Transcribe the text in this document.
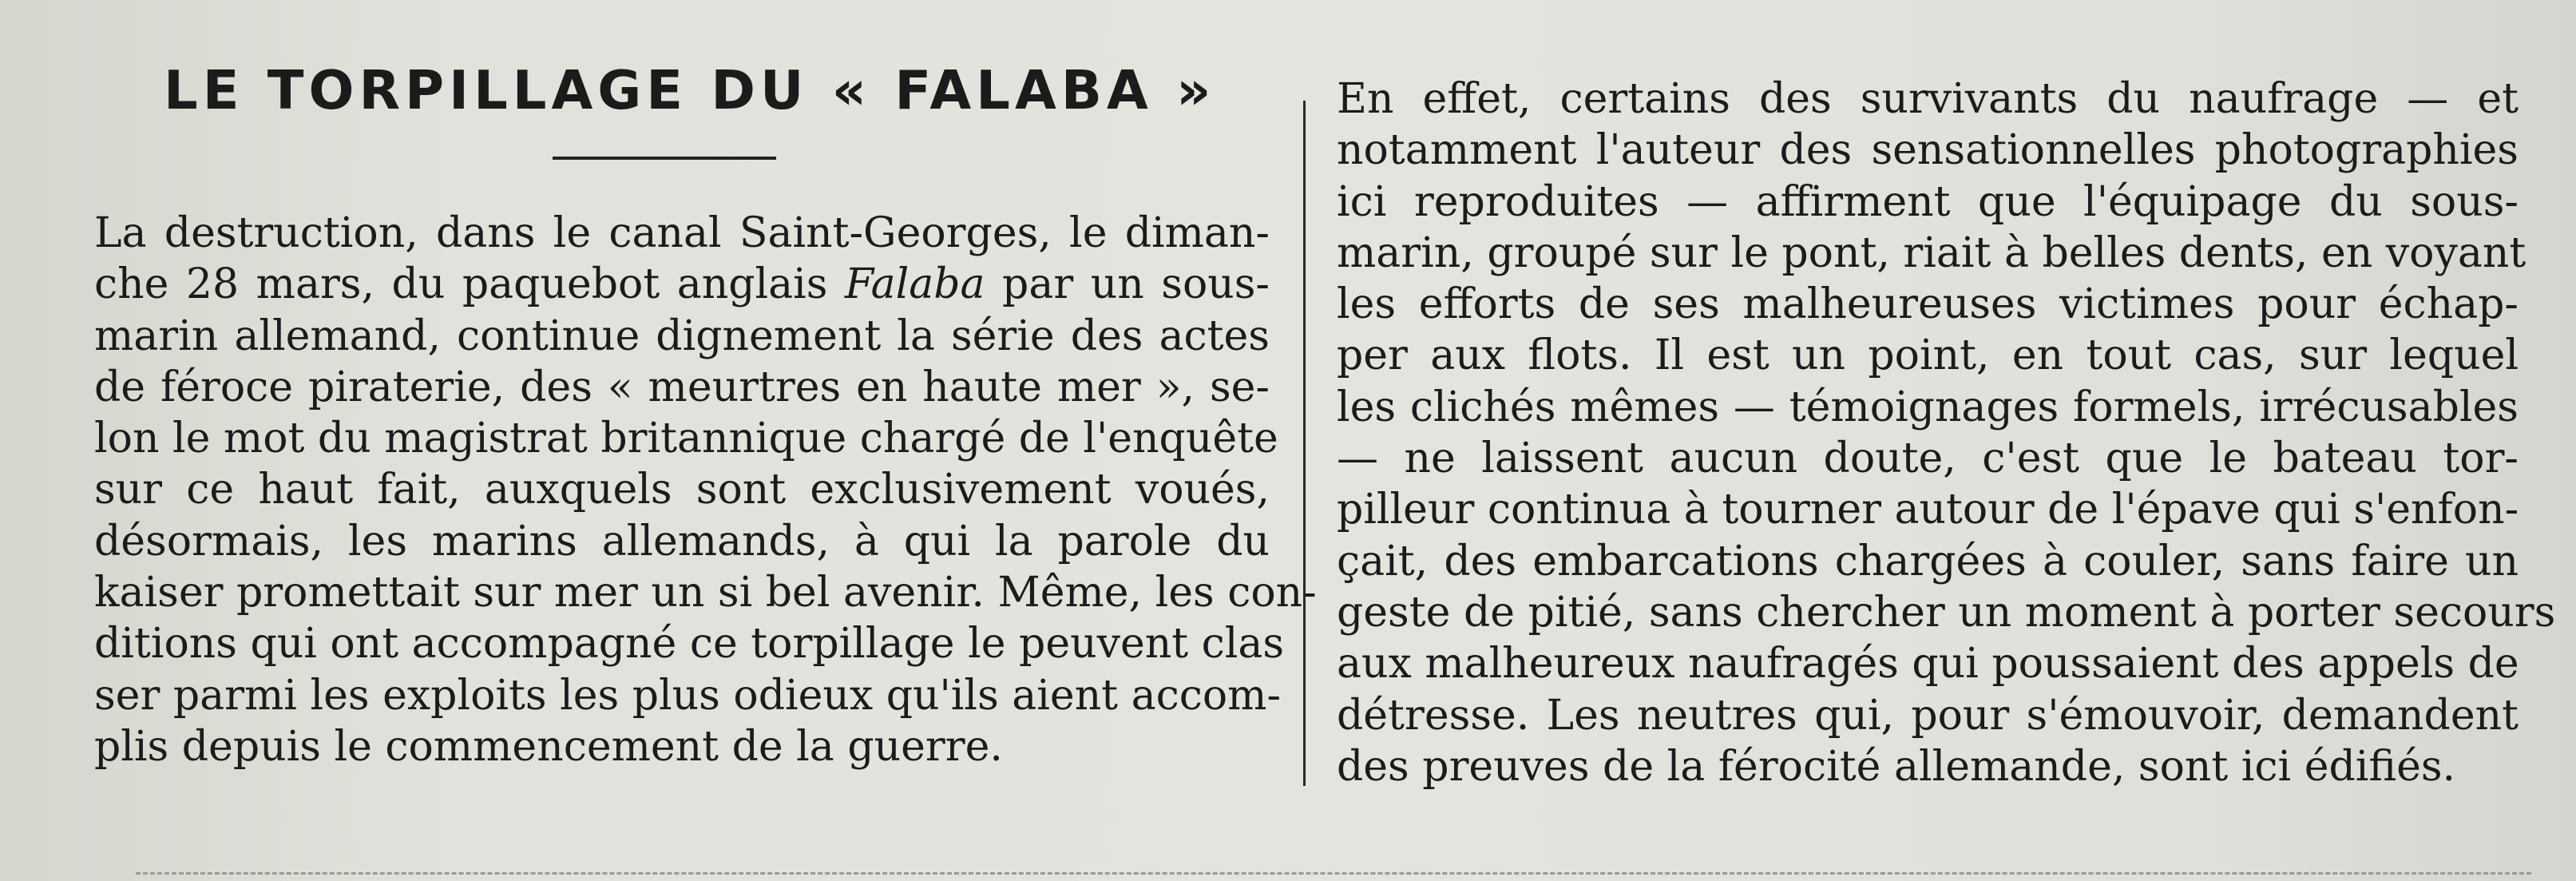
LE TORPILLAGE DU « FALABA »
La destruction, dans le canal Saint-Georges, le diman-
che 28 mars, du paquebot anglais Falaba par un sous-
marin allemand, continue dignement la série des actes
de féroce piraterie, des « meurtres en haute mer », se-
lon le mot du magistrat britannique chargé de l'enquête
sur ce haut fait, auxquels sont exclusivement voués,
désormais, les marins allemands, à qui la parole du
kaiser promettait sur mer un si bel avenir. Même, les con-
ditions qui ont accompagné ce torpillage le peuvent clas
ser parmi les exploits les plus odieux qu'ils aient accom-
plis depuis le commencement de la guerre.
En effet, certains des survivants du naufrage — et
notamment l'auteur des sensationnelles photographies
ici reproduites — affirment que l'équipage du sous-
marin, groupé sur le pont, riait à belles dents, en voyant
les efforts de ses malheureuses victimes pour échap-
per aux flots. Il est un point, en tout cas, sur lequel
les clichés mêmes — témoignages formels, irrécusables
— ne laissent aucun doute, c'est que le bateau tor-
pilleur continua à tourner autour de l'épave qui s'enfon-
çait, des embarcations chargées à couler, sans faire un
geste de pitié, sans chercher un moment à porter secours
aux malheureux naufragés qui poussaient des appels de
détresse. Les neutres qui, pour s'émouvoir, demandent
des preuves de la férocité allemande, sont ici édifiés.
